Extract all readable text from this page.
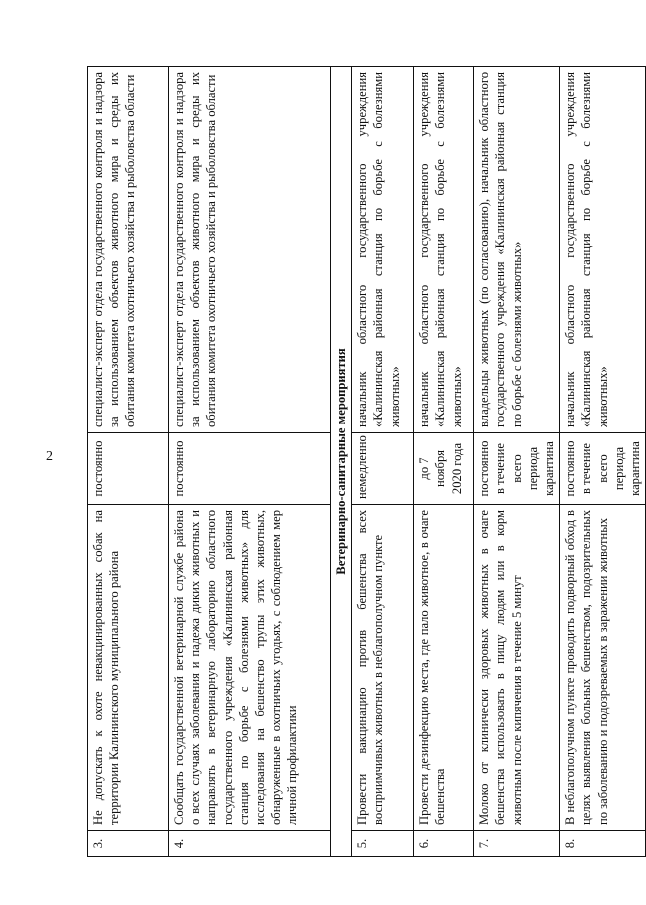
2
3.	Не допускать к охоте невакцинированных собак на территории Калининского муниципального района	постоянно	специалист-эксперт отдела государственного контроля и надзора за использованием объектов животного мира и среды их обитания комитета охотничьего хозяйства и рыболовства области
4.	Сообщать государственной ветеринарной службе района о всех случаях заболевания и падежа диких животных и направлять в ветеринарную лабораторию областного государственного учреждения «Калининская районная станция по борьбе с болезнями животных» для исследования на бешенство трупы этих животных, обнаруженные в охотничьих угодьях, с соблюдением мер личной профилактики	постоянно	специалист-эксперт отдела государственного контроля и надзора за использованием объектов животного мира и среды их обитания комитета охотничьего хозяйства и рыболовства области
Ветеринарно-санитарные мероприятия			
5.	Провести вакцинацию против бешенства всех восприимчивых животных в неблагополучном пункте	немедленно	начальник областного государственного учреждения «Калининская районная станция по борьбе с болезнями животных»
6.	Провести дезинфекцию места, где пало животное, в очаге бешенства	до 7 ноября 2020 года	начальник областного государственного учреждения «Калининская районная станция по борьбе с болезнями животных»
7.	Молоко от клинически здоровых животных в очаге бешенства использовать в пищу людям или в корм животным после кипячения в течение 5 минут	постоянно в течение всего периода карантина	владельцы животных (по согласованию), начальник областного государственного учреждения «Калининская районная станция по борьбе с болезнями животных»
8.	В неблагополучном пункте проводить подворный обход в целях выявления больных бешенством, подозрительных по заболеванию и подозреваемых в заражении животных	постоянно в течение всего периода карантина	начальник областного государственного учреждения «Калининская районная станция по борьбе с болезнями животных»
